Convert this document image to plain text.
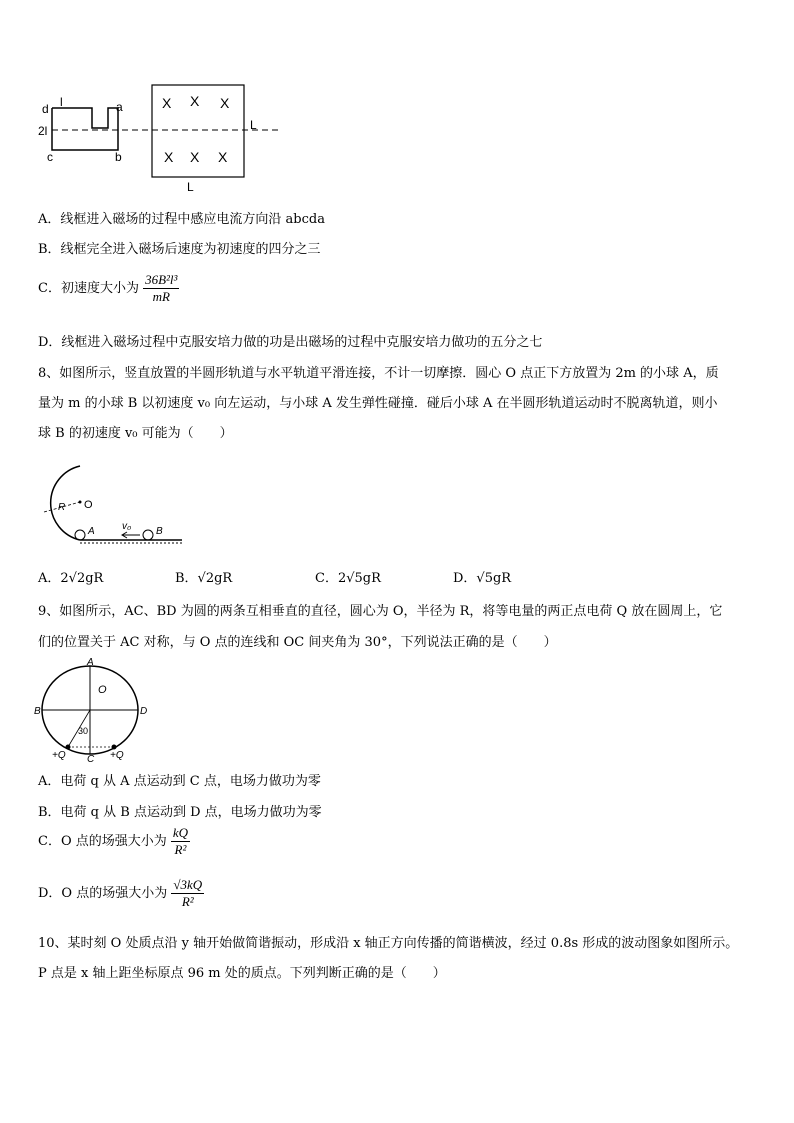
d l	a
2l
c	b
L
L
X X X
X X X
A．线框进入磁场的过程中感应电流方向沿 abcda
B．线框完全进入磁场后速度为初速度的四分之三
C．初速度大小为 $\frac{\text{36B²l³}}{mR}$
D．线框进入磁场过程中克服安培力做的功是出磁场的过程中克服安培力做功的五分之七
8、如图所示，竖直放置的半圆形轨道与水平轨道平滑连接，不计一切摩擦．圆心 O 点正下方放置为 2m 的小球 A，质
量为 m 的小球 B 以初速度 v₀ 向左运动，与小球 A 发生弹性碰撞．碰后小球 A 在半圆形轨道运动时不脱离轨道，则小
球 B 的初速度 v₀ 可能为（　　）
R O
A	v₀ B
A．2√2gR	B．√2gR	C．2√5gR	D．√5gR
9、如图所示，AC、BD 为圆的两条互相垂直的直径，圆心为 O，半径为 R，将等电量的两正点电荷 Q 放在圆周上，它
们的位置关于 AC 对称，与 O 点的连线和 OC 间夹角为 30°，下列说法正确的是（　　）
A
O
B	D
30
+Q C +Q
A．电荷 q 从 A 点运动到 C 点，电场力做功为零
B．电荷 q 从 B 点运动到 D 点，电场力做功为零
C．O 点的场强大小为 $\frac{kQ}{\text{R²}}$
D．O 点的场强大小为 $\frac{√3kQ}{\text{R²}}$
10、某时刻 O 处质点沿 y 轴开始做简谐振动，形成沿 x 轴正方向传播的简谐横波，经过 0.8s 形成的波动图象如图所示。
P 点是 x 轴上距坐标原点 96 m 处的质点。下列判断正确的是（　　）
